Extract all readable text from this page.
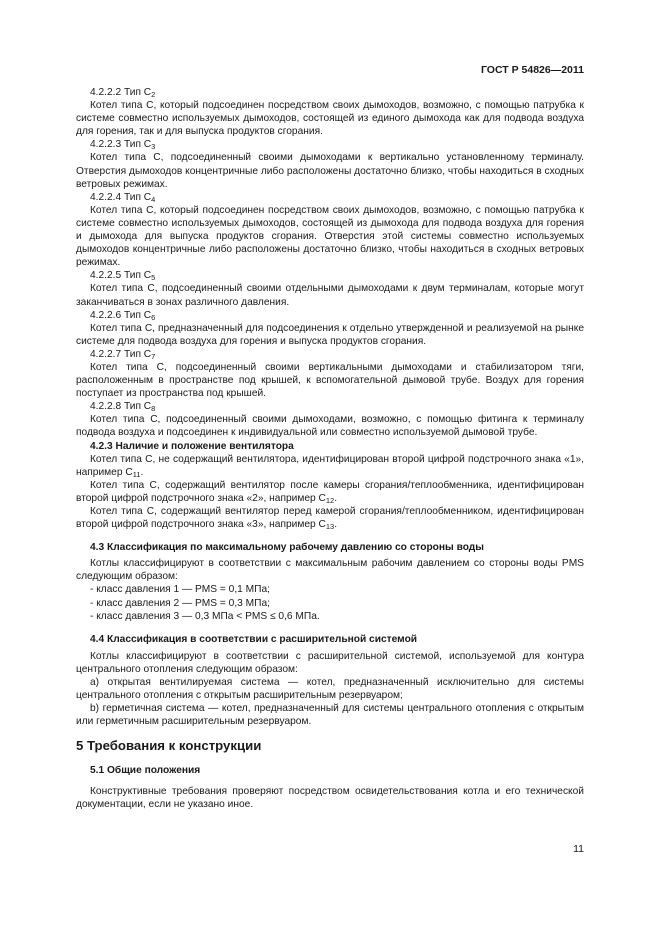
ГОСТ Р 54826—2011

4.2.2.2 Тип $С_2$

Котел типа С, который подсоединен посредством своих дымоходов, возможно, с помощью патрубка к системе совместно используемых дымоходов, состоящей из единого дымохода как для подвода воздуха для горения, так и для выпуска продуктов сгорания.

4.2.2.3 Тип $С_3$

Котел типа С, подсоединенный своими дымоходами к вертикально установленному терминалу. Отверстия дымоходов концентричные либо расположены достаточно близко, чтобы находиться в сходных ветровых режимах.

4.2.2.4 Тип $С_4$

Котел типа С, который подсоединен посредством своих дымоходов, возможно, с помощью патрубка к системе совместно используемых дымоходов, состоящей из дымохода для подвода воздуха для горения и дымохода для выпуска продуктов сгорания. Отверстия этой системы совместно используемых дымоходов концентричные либо расположены достаточно близко, чтобы находиться в сходных ветровых режимах.

4.2.2.5 Тип $С_5$

Котел типа С, подсоединенный своими отдельными дымоходами к двум терминалам, которые могут заканчиваться в зонах различного давления.

4.2.2.6 Тип $С_6$

Котел типа С, предназначенный для подсоединения к отдельно утвержденной и реализуемой на рынке системе для подвода воздуха для горения и выпуска продуктов сгорания.

4.2.2.7 Тип $С_7$

Котел типа С, подсоединенный своими вертикальными дымоходами и стабилизатором тяги, расположенным в пространстве под крышей, к вспомогательной дымовой трубе. Воздух для горения поступает из пространства под крышей.

4.2.2.8 Тип $С_8$

Котел типа С, подсоединенный своими дымоходами, возможно, с помощью фитинга к терминалу подвода воздуха и подсоединен к индивидуальной или совместно используемой дымовой трубе.

4.2.3 Наличие и положение вентилятора

Котел типа С, не содержащий вентилятора, идентифицирован второй цифрой подстрочного знака «1», например $С_{11}$.

Котел типа С, содержащий вентилятор после камеры сгорания/теплообменника, идентифицирован второй цифрой подстрочного знака «2», например $С_{12}$.

Котел типа С, содержащий вентилятор перед камерой сгорания/теплообменником, идентифицирован второй цифрой подстрочного знака «3», например $С_{13}$.

4.3 Классификация по максимальному рабочему давлению со стороны воды

Котлы классифицируют в соответствии с максимальным рабочим давлением со стороны воды PMS следующим образом:

- класс давления 1 — PMS = 0,1 МПа;

- класс давления 2 — PMS = 0,3 МПа;

- класс давления 3 — 0,3 МПа < PMS ≤ 0,6 МПа.

4.4 Классификация в соответствии с расширительной системой

Котлы классифицируют в соответствии с расширительной системой, используемой для контура центрального отопления следующим образом:

a) открытая вентилируемая система — котел, предназначенный исключительно для системы центрального отопления с открытым расширительным резервуаром;

b) герметичная система — котел, предназначенный для системы центрального отопления с открытым или герметичным расширительным резервуаром.

5 Требования к конструкции

5.1 Общие положения

Конструктивные требования проверяют посредством освидетельствования котла и его технической документации, если не указано иное.

11
